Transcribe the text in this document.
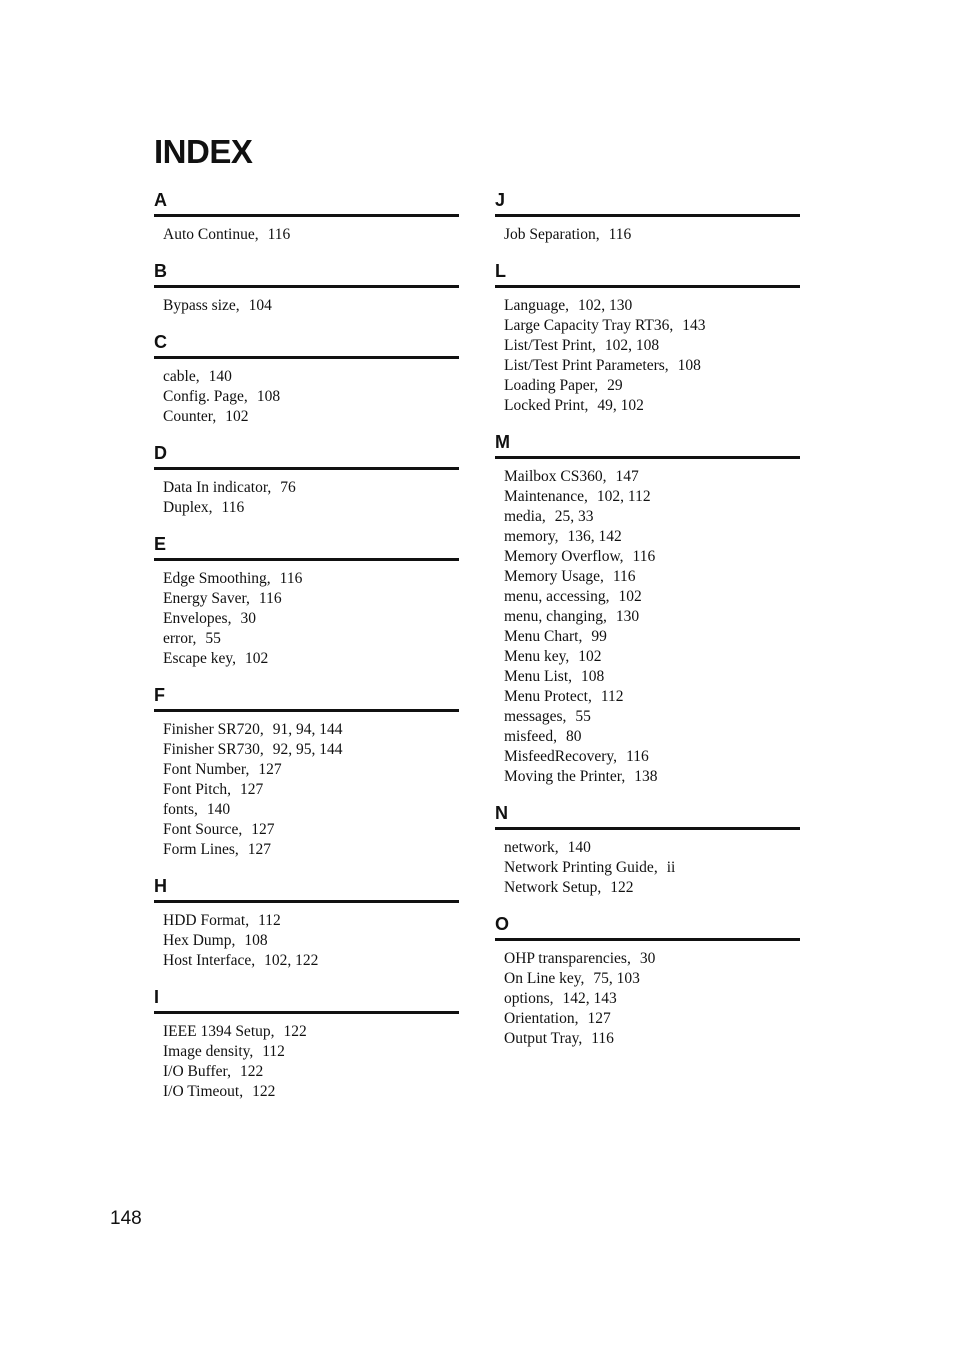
INDEX
A
Auto Continue, 116
B
Bypass size, 104
C
cable, 140
Config. Page, 108
Counter, 102
D
Data In indicator, 76
Duplex, 116
E
Edge Smoothing, 116
Energy Saver, 116
Envelopes, 30
error, 55
Escape key, 102
F
Finisher SR720, 91, 94, 144
Finisher SR730, 92, 95, 144
Font Number, 127
Font Pitch, 127
fonts, 140
Font Source, 127
Form Lines, 127
H
HDD Format, 112
Hex Dump, 108
Host Interface, 102, 122
I
IEEE 1394 Setup, 122
Image density, 112
I/O Buffer, 122
I/O Timeout, 122
J
Job Separation, 116
L
Language, 102, 130
Large Capacity Tray RT36, 143
List/Test Print, 102, 108
List/Test Print Parameters, 108
Loading Paper, 29
Locked Print, 49, 102
M
Mailbox CS360, 147
Maintenance, 102, 112
media, 25, 33
memory, 136, 142
Memory Overflow, 116
Memory Usage, 116
menu, accessing, 102
menu, changing, 130
Menu Chart, 99
Menu key, 102
Menu List, 108
Menu Protect, 112
messages, 55
misfeed, 80
MisfeedRecovery, 116
Moving the Printer, 138
N
network, 140
Network Printing Guide, ii
Network Setup, 122
O
OHP transparencies, 30
On Line key, 75, 103
options, 142, 143
Orientation, 127
Output Tray, 116
148
